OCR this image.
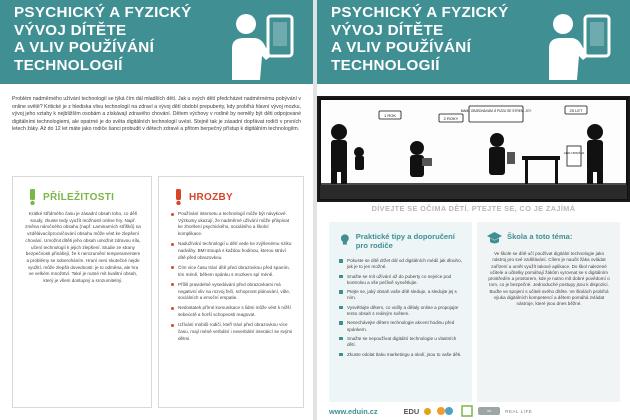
PSYCHICKÝ A FYZICKÝ
VÝVOJ DÍTĚTE
A VLIV POUŽÍVÁNÍ
TECHNOLOGIÍ
Problém nadměrného užívání technologií se týká čím dál mladších dětí. Jak u svých dětí předcházet nadměrnému pobývání v online světě? Kritické je z hlediska vlivu technologií na zdraví a vývoj dětí období prepuberty, kdy probíhá hlavní vývoj mozku, vývoj jeho vztahy k nejbližším osobám a získávají zdravého chování. Dětem výchovy v rodině by neměly být děti odpojované digitálními technologiemi, ale opatrné je do světa digitálních technologií uvést. Stejně tak je zásadní dopřávat rodiči v prvních letech žáky. Až do 12 let máte jako rodiče šanci probudit v dětech zdravé a přitom berpečný přístup k digitálním technologiím.
PŘÍLEŽITOSTI
Krátké střídmého času je zásadní obsah toho, co dělí soudy, zkuste tedy využít možností online hry. Např. změna náročného obsahu (např. Laminarních stříšků) na vzdělávací/procvičování obsahu může vést ke zlepšení chování. Umožnit dítěti jeho obsah umožnit zdravou sílu, učení technologií k jejich zlepšení. Studie ze strany bezpečnosti přinášejí, že k nerozumění temperamentem a problémy se soberoháním. Hraní není skutečné nejde využití, může zlepšit dovednosti: je to odměna, ale hra ve velkém množství. Také je nutné mít kvalitní obsah, který je všem dostupný a srozumitelný.
HROZBY
Používání internetu a technologií může být návykové. Výzkumy ukazují, že nadměrné užívání může přispívat ke zhoršení psychického, sociálního a školní komplikace.
Nadužívání technologií u dětí vede ke zvýšenému riziku nadváhy. BMI stoupá s každou hodinou, kterou stráví dítě před obrazovkou.
Čím více času tráví dítě před obrazovkou před spaním, tím méně, během spánku s mozkem spí méně.
Příliš pravidelné vysedávání před obrazovkami má negativní vliv na rozvoj řeči, schopnost plánování, vůle, sociálních a emoční empatie.
Nedostatek přímé komunikace s lidmi může vést k nižší sebeúctě a horší schopnosti reagovat.
Užívání mobilů rodiči, kteří tráví před obrazovkou více času, mají méně verbální i neverbální interakcí se svými dětmi.
PSYCHICKÝ A FYZICKÝ
VÝVOJ DÍTĚTE
A VLIV POUŽÍVÁNÍ
TECHNOLOGIÍ
1 ROK
2 ROKY
MAMI, OBJEDNÁVÁM JÍ PIZZU SE SÝREM. JO?	25 LET
AHOJ ZPRÁVA
DÍVEJTE SE OČIMA DĚTÍ. PTEJTE SE, CO JE ZAJÍMÁ
Praktické tipy a doporučení pro rodiče
Pokuste se dítě držet dál od digitálních médií jak dlouho, jak je to jen možné.
Snažte se mít užívání až do puberty co nejvíce pod kontrolou a vše pečlivě vysvětlujte.
Ptejte se, jaký obsah vaše dítě sleduje, a sledujte jej s ním.
Vysvětlujte dětem, co vidíly a dělaly online a propojujte tento obsah s reálným světem.
Nenechávejte dětem technologie akcent hodinu před spánkem.
Snažte se nepoužívat digitální technologie u vlastních dětí.
Zkuste odolat tlaku marketingu a okolí, jsou to vaše děti.
Škola a toto téma:
Ve škole se dítě učí používat digitální technologie jako nástroj pro své vzdělávání. Cílem je naučit žáka ovládat zařízení a umět využít takové aplikace. Do škol nalezené učitele a učitelky pomáhají žákům vyrovnat se s digitálním prostředím a prostorem, kde je nutno mít dobré povědomí o tom, co je bezpečné. Jednoduché postupy jsou k dispozici. Buďte ve spojení s učiteli svého dítěte. Ve školách probíhá výuka digitálních kompetencí a dětem pomáhá zvládat nástroje, které jsou dnes běžné.
www.eduin.cz	EDU	cc	REAL LIFE
